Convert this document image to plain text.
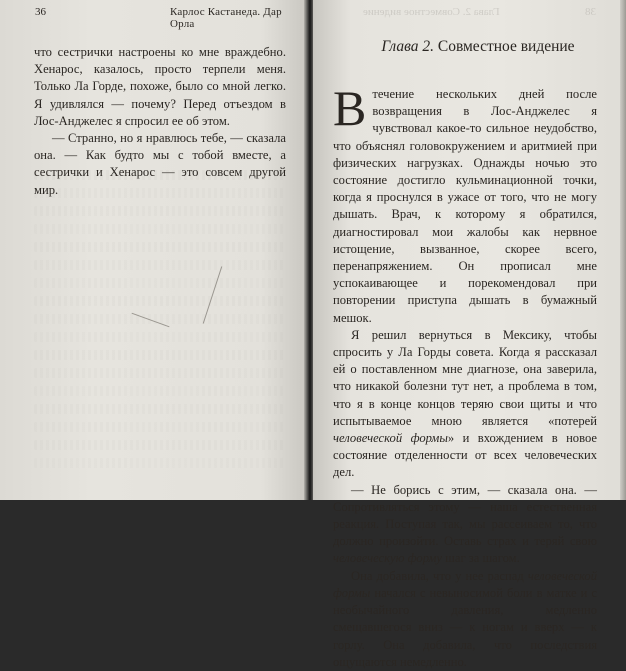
36	Карлос Кастанеда. Дар Орла

что сестрички настроены ко мне враждебно. Хенарос, казалось, просто терпели меня. Только Ла Горде, похоже, было со мной легко. Я удивлялся — почему? Перед отъездом в Лос-Анджелес я спросил ее об этом.

— Странно, но я нравлюсь тебе, — сказала она. — Как будто мы с тобой вместе, а сестрички и Хенарос — это совсем другой мир.

Глава 2. Совместное видение	38
Глава 2. Совместное видение

Втечение нескольких дней после возвращения в Лос-Анджелес я чувствовал какое-то сильное неудобство, что объяснял головокружением и аритмией при физических нагрузках. Однажды ночью это состояние достигло кульминационной точки, когда я проснулся в ужасе от того, что не могу дышать. Врач, к которому я обратился, диагностировал мои жалобы как нервное истощение, вызванное, скорее всего, перенапряжением. Он прописал мне успокаивающее и порекомендовал при повторении приступа дышать в бумажный мешок.

Я решил вернуться в Мексику, чтобы спросить у Ла Горды совета. Когда я рассказал ей о поставленном мне диагнозе, она заверила, что никакой болезни тут нет, а проблема в том, что я в конце концов теряю свои щиты и что испытываемое мною является «потерей человеческой формы» и вхождением в новое состояние отделенности от всех человеческих дел.

— Не борись с этим, — сказала она. — Сопротивляться этому — наша естественная реакция. Поступая так, мы рассеиваем то, что должно произойти. Оставь страх и теряй свою человеческую форму шаг за шагом.

Она добавила, что у нее распад человеческой формы начался с невыносимой боли в матке и с необычайного давления, медленно смещавшегося вниз — к ногам и вверх — к горлу. Она добавила, что последствия ощущаются немедленно.
